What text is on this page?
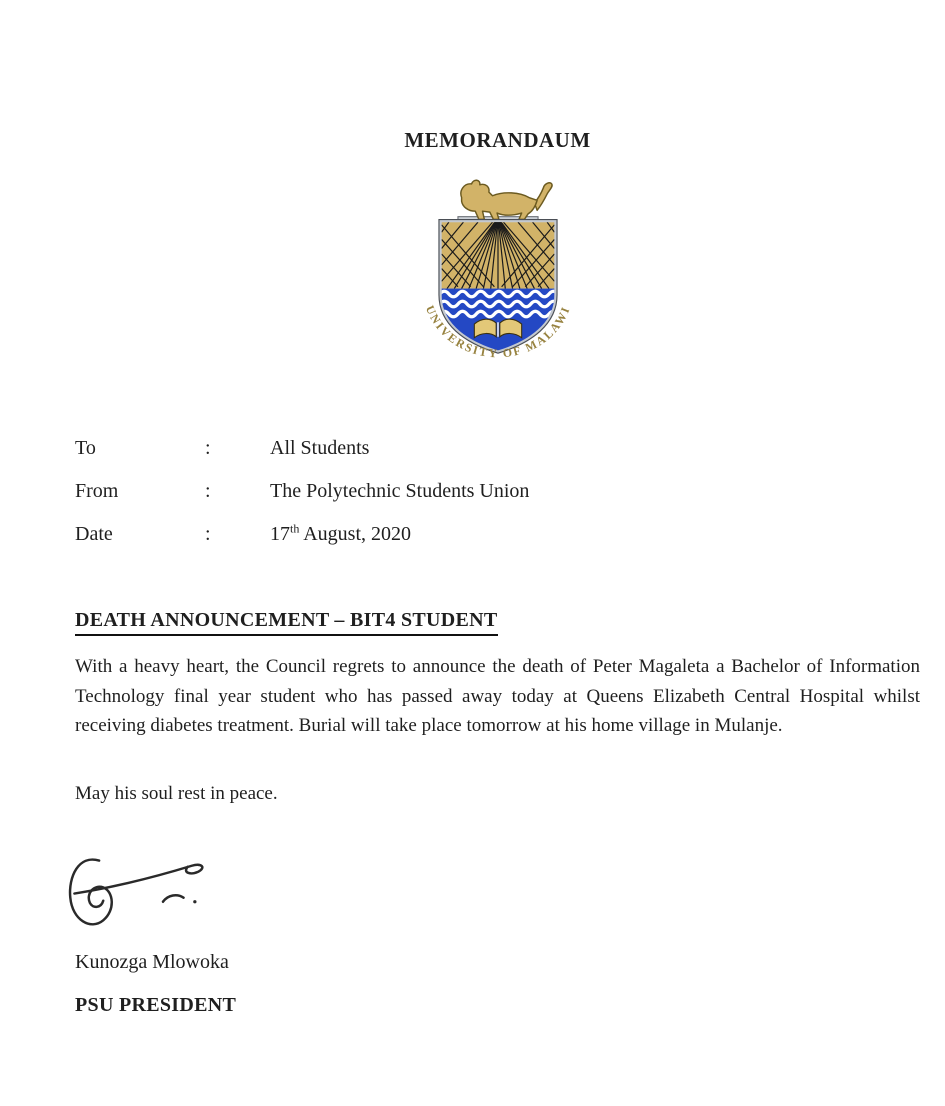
MEMORANDAUM
UNIVERSITY OF MALAWI
To	:	All Students
From	:	The Polytechnic Students Union
Date	:	17th August, 2020
DEATH ANNOUNCEMENT – BIT4 STUDENT
With a heavy heart, the Council regrets to announce the death of Peter Magaleta a Bachelor of Information Technology final year student who has passed away today at Queens Elizabeth Central Hospital whilst receiving diabetes treatment. Burial will take place tomorrow at his home village in Mulanje.
May his soul rest in peace.
Kunozga Mlowoka
PSU PRESIDENT
